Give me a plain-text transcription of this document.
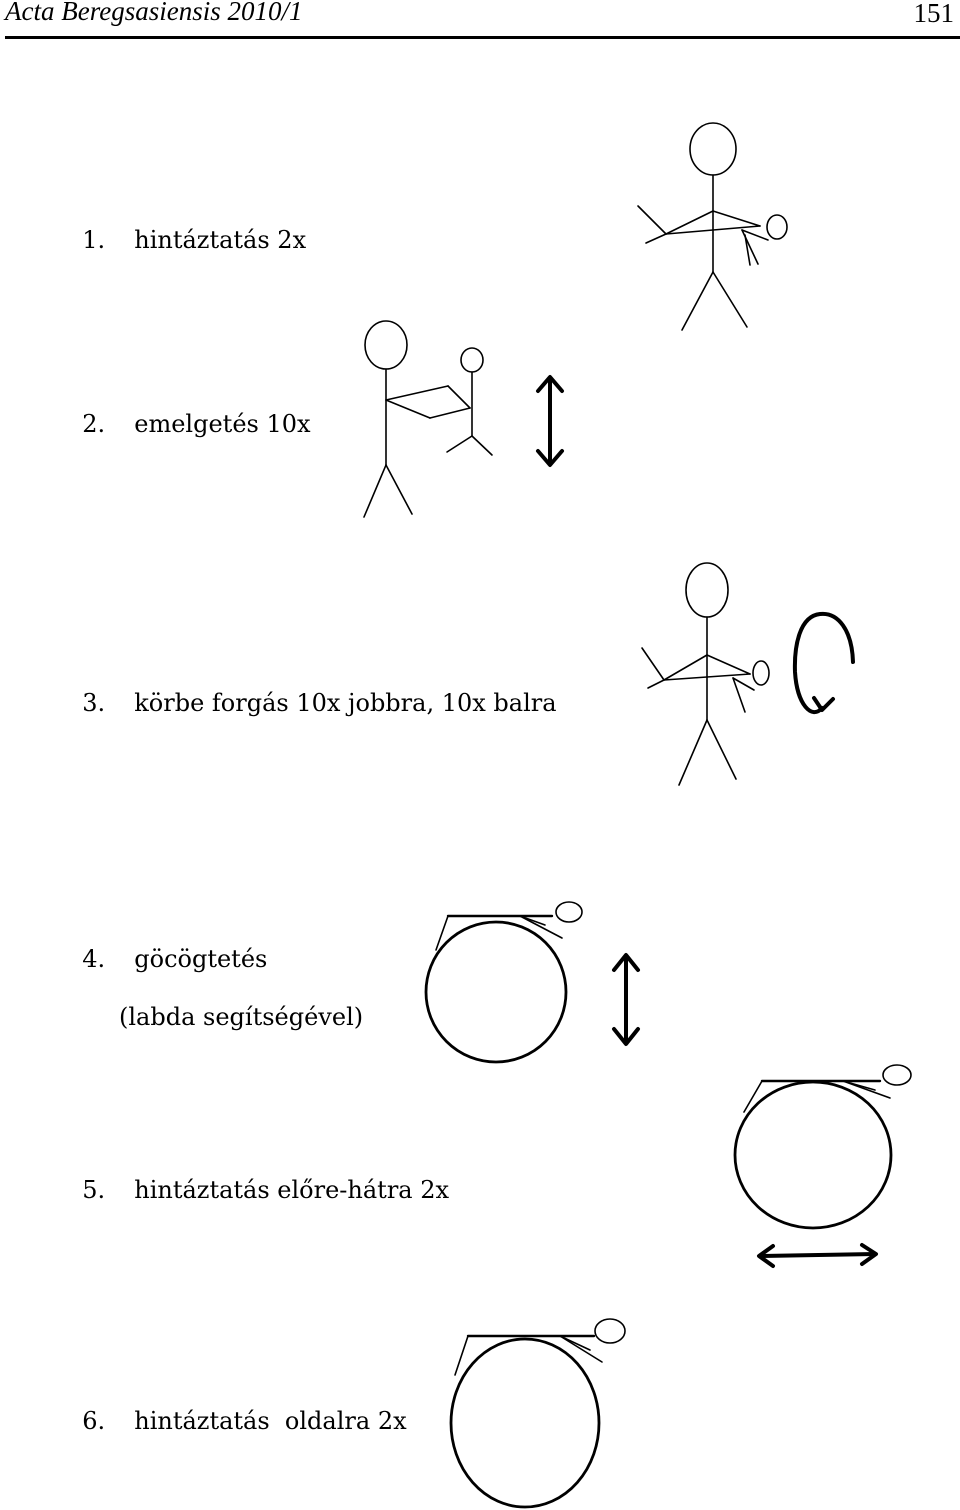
Acta Beregsasiensis 2010/1	151

1. hintáztatás 2x

2. emelgetés 10x

3. körbe forgás 10x jobbra, 10x balra

4. göcögtetés

(labda segítségével)

5. hintáztatás előre-hátra 2x

6. hintáztatás  oldalra 2x
